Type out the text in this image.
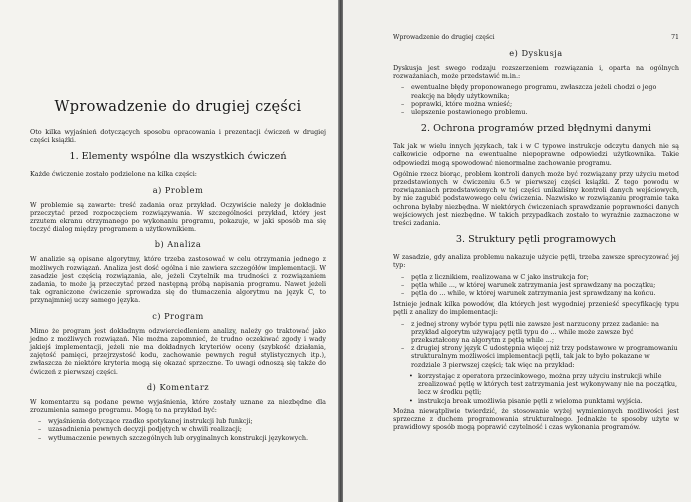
Wprowadzenie do drugiej części

Oto kilka wyjaśnień dotyczących sposobu opracowania i prezentacji ćwiczeń w drugiej części książki.

1. Elementy wspólne dla wszystkich ćwiczeń

Każde ćwiczenie zostało podzielone na kilka części:

a) Problem

W problemie są zawarte: treść zadania oraz przykład. Oczywiście należy je dokładnie przeczytać przed rozpoczęciem rozwiązywania. W szczególności przykład, który jest zrzutem ekranu otrzymanego po wykonaniu programu, pokazuje, w jaki sposób ma się toczyć dialog między programem a użytkownikiem.

b) Analiza

W analizie są opisane algorytmy, które trzeba zastosować w celu otrzymania jednego z możliwych rozwiązań. Analiza jest dość ogólna i nie zawiera szczegółów implementacji. W zasadzie jest częścią rozwiązania, ale, jeżeli Czytelnik ma trudności z rozwiązaniem zadania, to może ją przeczytać przed następną próbą napisania programu. Nawet jeżeli tak ograniczone ćwiczenie sprowadza się do tłumaczenia algorytmu na język C, to przynajmniej uczy samego języka.

c) Program

Mimo że program jest dokładnym odzwierciedleniem analizy, należy go traktować jako jedno z możliwych rozwiązań. Nie można zapomnieć, że trudno oczekiwać zgody i wady jakiejś implementacji, jeżeli nie ma dokładnych kryteriów oceny (szybkość działania, zajętość pamięci, przejrzystość kodu, zachowanie pewnych reguł stylistycznych itp.), zwłaszcza że niektóre kryteria mogą się okazać sprzeczne. To uwagi odnoszą się także do ćwiczeń z pierwszej części.

d) Komentarz

W komentarzu są podane pewne wyjaśnienia, które zostały uznane za niezbędne dla zrozumienia samego programu. Mogą to na przykład być:

– wyjaśnienia dotyczące rzadko spotykanej instrukcji lub funkcji;
– uzasadnienia pewnych decyzji podjętych w chwili realizacji;
– wytłumaczenie pewnych szczególnych lub oryginalnych konstrukcji językowych.
Wprowadzenie do drugiej części	71
e) Dyskusja

Dyskusja jest swego rodzaju rozszerzeniem rozwiązania i, oparta na ogólnych rozważaniach, może przedstawić m.in.:

– ewentualne błędy proponowanego programu, zwłaszcza jeżeli chodzi o jego reakcję na błędy użytkownika;
– poprawki, które można wnieść;
– ulepszenie postawionego problemu.
2. Ochrona programów przed błędnymi danymi

Tak jak w wielu innych językach, tak i w C typowe instrukcje odczytu danych nie są całkowicie odporne na ewentualne niepoprawne odpowiedzi użytkownika. Takie odpowiedzi mogą spowodować nienormalne zachowanie programu.

Ogólnie rzecz biorąc, problem kontroli danych może być rozwiązany przy użyciu metod przedstawionych w ćwiczeniu 6.5 w pierwszej części książki. Z tego powodu w rozwiązaniach przedstawionych w tej części unikaliśmy kontroli danych wejściowych, by nie zagubić podstawowego celu ćwiczenia. Nazwisko w rozwiązaniu programie taka ochrona byłaby niezbędna. W niektórych ćwiczeniach sprawdzanie poprawności danych wejściowych jest niezbędne. W takich przypadkach zostało to wyraźnie zaznaczone w treści zadania.

3. Struktury pętli programowych

W zasadzie, gdy analiza problemu nakazuje użycie pętli, trzeba zawsze sprecyzować jej typ:

– pętla z licznikiem, realizowana w C jako instrukcja for;
– pętla while ..., w której warunek zatrzymania jest sprawdzany na początku;
– pętla do ... while, w której warunek zatrzymania jest sprawdzany na końcu.

Istnieje jednak kilka powodów, dla których jest wygodniej przenieść specyfikację typu pętli z analizy do implementacji:

– z jednej strony wybór typu pętli nie zawsze jest narzucony przez zadanie: na przykład algorytm używający pętli typu do ... while może zawsze być przekształcony na algorytm z pętlą while ...;
– z drugiej strony język C udostępnia więcej niż trzy podstawowe w programowaniu strukturalnym możliwości implementacji pętli, tak jak to było pokazane w rozdziale 3 pierwszej części; tak więc na przykład:
• korzystając z operatora przecinkowego, można przy użyciu instrukcji while zrealizować pętlę w których test zatrzymania jest wykonywany nie na początku, lecz w środku pętli;
• instrukcja break umożliwia pisanie pętli z wieloma punktami wyjścia.

Można niewątpliwie twierdzić, że stosowanie wyżej wymienionych możliwości jest sprzeczne z duchem programowania strukturalnego. Jednakże te sposoby użyte w prawidłowy sposób mogą poprawić czytelność i czas wykonania programów.
